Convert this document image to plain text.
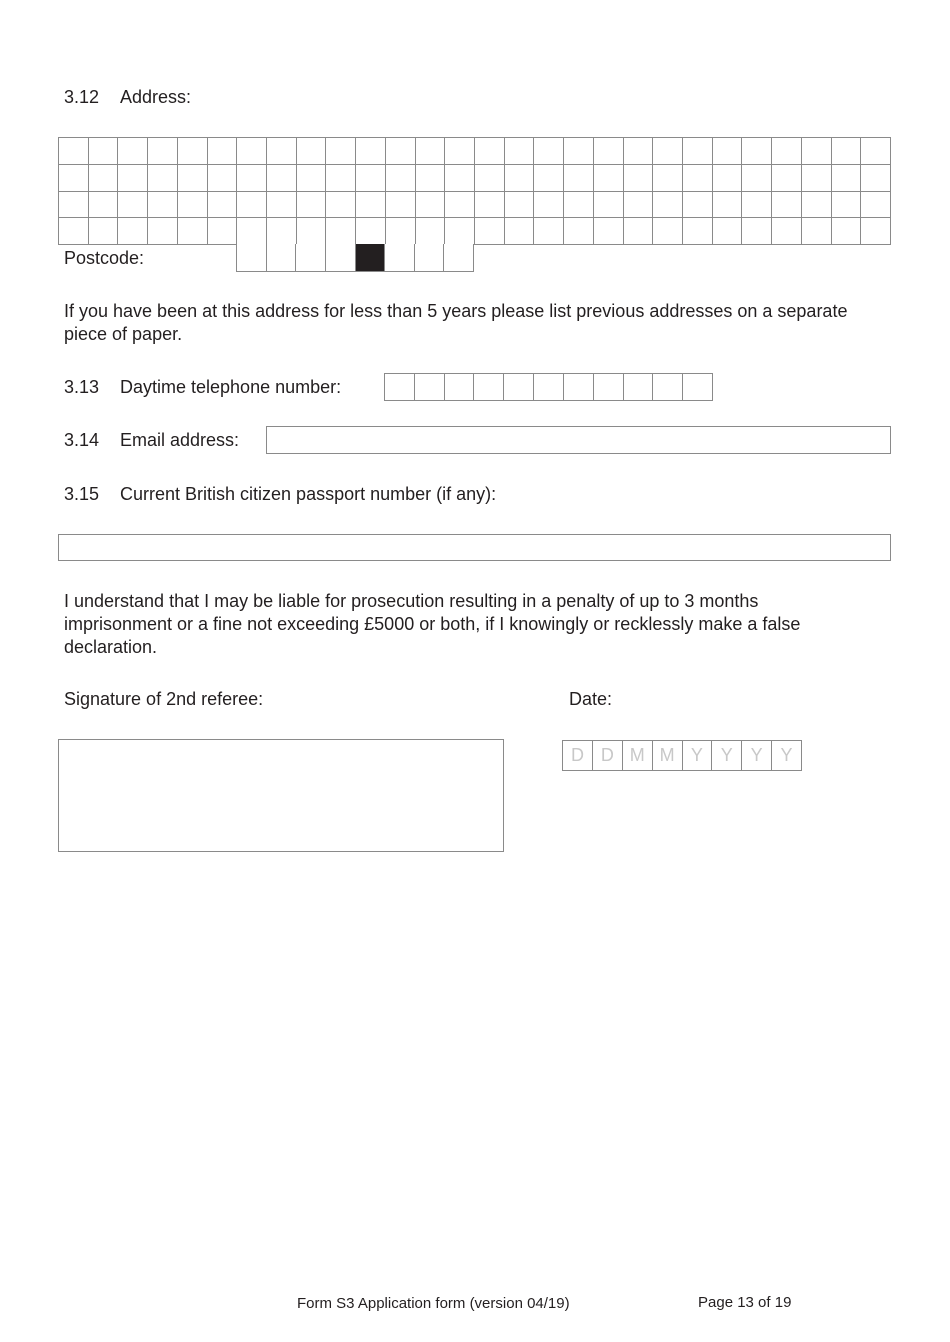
3.12 Address:
Postcode:
If you have been at this address for less than 5 years please list previous addresses on a separate piece of paper.
3.13 Daytime telephone number:
3.14 Email address:
3.15 Current British citizen passport number (if any):
I understand that I may be liable for prosecution resulting in a penalty of up to 3 months imprisonment or a fine not exceeding £5000 or both, if I knowingly or recklessly make a false declaration.
Signature of 2nd referee:	Date:
D D M M Y Y Y Y
Form S3 Application form (version 04/19)	Page 13 of 19
